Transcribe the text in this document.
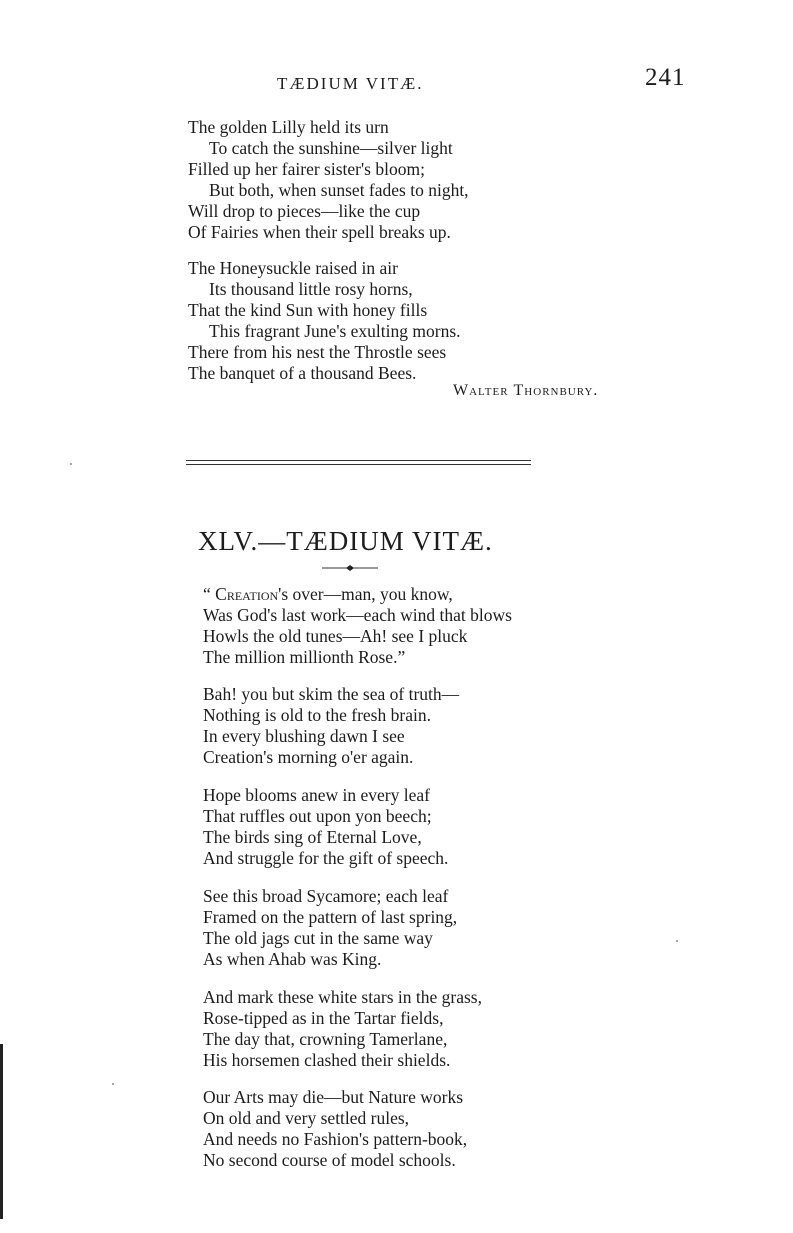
TÆDIUM VITÆ.	241
The golden Lilly held its urn
To catch the sunshine—silver light
Filled up her fairer sister's bloom;
But both, when sunset fades to night,
Will drop to pieces—like the cup
Of Fairies when their spell breaks up.
The Honeysuckle raised in air
Its thousand little rosy horns,
That the kind Sun with honey fills
This fragrant June's exulting morns.
There from his nest the Throstle sees
The banquet of a thousand Bees.
Walter Thornbury.
XLV.—TÆDIUM VITÆ.
“ Creation's over—man, you know,
Was God's last work—each wind that blows
Howls the old tunes—Ah! see I pluck
The million millionth Rose.”
Bah! you but skim the sea of truth—
Nothing is old to the fresh brain.
In every blushing dawn I see
Creation's morning o'er again.
Hope blooms anew in every leaf
That ruffles out upon yon beech;
The birds sing of Eternal Love,
And struggle for the gift of speech.
See this broad Sycamore; each leaf
Framed on the pattern of last spring,
The old jags cut in the same way
As when Ahab was King.
And mark these white stars in the grass,
Rose-tipped as in the Tartar fields,
The day that, crowning Tamerlane,
His horsemen clashed their shields.
Our Arts may die—but Nature works
On old and very settled rules,
And needs no Fashion's pattern-book,
No second course of model schools.
